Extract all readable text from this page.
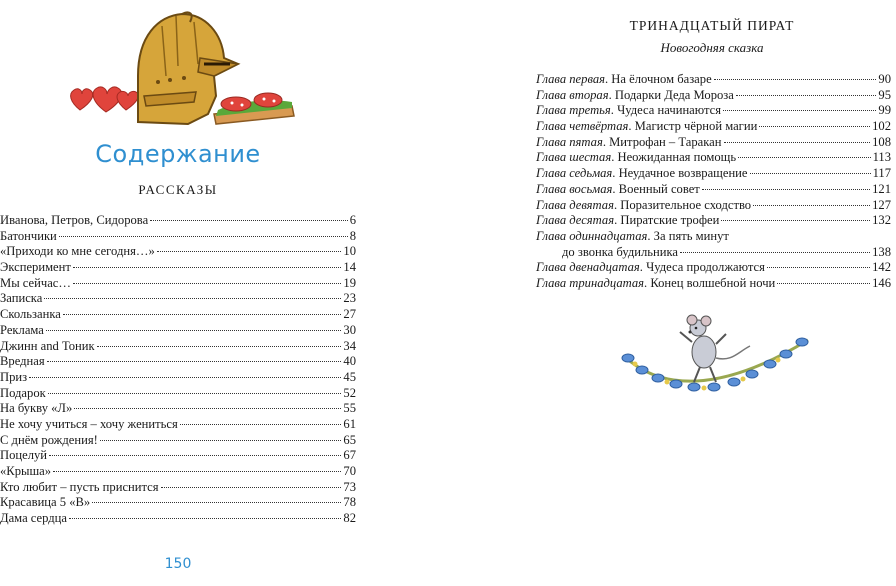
Содержание
РАССКАЗЫ
Иванова, Петров, Сидорова	6
Батончики	8
«Приходи ко мне сегодня…»	10
Эксперимент	14
Мы сейчас…	19
Записка	23
Скользанка	27
Реклама	30
Джинн and Тоник	34
Вредная	40
Приз	45
Подарок	52
На букву «Л»	55
Не хочу учиться – хочу жениться	61
С днём рождения!	65
Поцелуй	67
«Крыша»	70
Кто любит – пусть приснится	73
Красавица 5 «В»	78
Дама сердца	82
150
ТРИНАДЦАТЫЙ ПИРАТ
Новогодняя сказка
Глава первая. На ёлочном базаре	90
Глава вторая. Подарки Деда Мороза	95
Глава третья. Чудеса начинаются	99
Глава четвёртая. Магистр чёрной магии	102
Глава пятая. Митрофан – Таракан	108
Глава шестая. Неожиданная помощь	113
Глава седьмая. Неудачное возвращение	117
Глава восьмая. Военный совет	121
Глава девятая. Поразительное сходство	127
Глава десятая. Пиратские трофеи	132
Глава одиннадцатая. За пять минут
до звонка будильника	138
Глава двенадцатая. Чудеса продолжаются	142
Глава тринадцатая. Конец волшебной ночи	146
